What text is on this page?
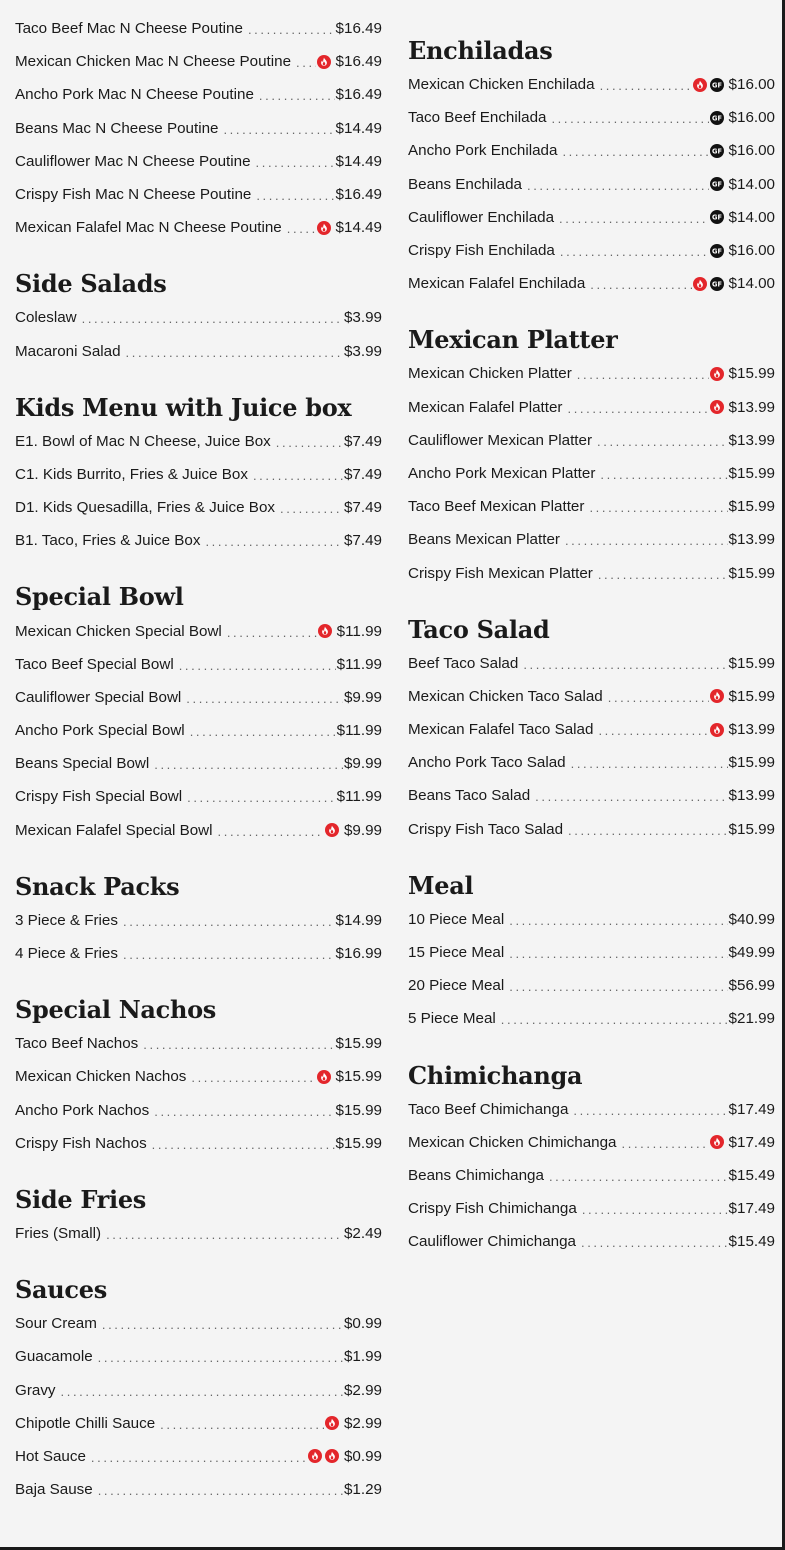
Taco Beef Mac N Cheese Poutine .....	$16.49
Mexican Chicken Mac N Cheese Poutine .....	$16.49
Ancho Pork Mac N Cheese Poutine .....	$16.49
Beans Mac N Cheese Poutine .....	$14.49
Cauliflower Mac N Cheese Poutine .....	$14.49
Crispy Fish Mac N Cheese Poutine .....	$16.49
Mexican Falafel Mac N Cheese Poutine .....	$14.49
Side Salads
Coleslaw .....	$3.99
Macaroni Salad .....	$3.99
Kids Menu with Juice box
E1. Bowl of Mac N Cheese, Juice Box .....	$7.49
C1. Kids Burrito, Fries & Juice Box .....	$7.49
D1. Kids Quesadilla, Fries & Juice Box .....	$7.49
B1. Taco, Fries & Juice Box .....	$7.49
Special Bowl
Mexican Chicken Special Bowl .....	$11.99
Taco Beef Special Bowl .....	$11.99
Cauliflower Special Bowl .....	$9.99
Ancho Pork Special Bowl .....	$11.99
Beans Special Bowl .....	$9.99
Crispy Fish Special Bowl .....	$11.99
Mexican Falafel Special Bowl .....	$9.99
Snack Packs
3 Piece & Fries .....	$14.99
4 Piece & Fries .....	$16.99
Special Nachos
Taco Beef Nachos .....	$15.99
Mexican Chicken Nachos .....	$15.99
Ancho Pork Nachos .....	$15.99
Crispy Fish Nachos .....	$15.99
Side Fries
Fries (Small) .....	$2.49
Sauces
Sour Cream .....	$0.99
Guacamole .....	$1.99
Gravy .....	$2.99
Chipotle Chilli Sauce .....	$2.99
Hot Sauce .....	$0.99
Baja Sause .....	$1.29
Enchiladas
Mexican Chicken Enchilada .....	GF $16.00
Taco Beef Enchilada .....	GF $16.00
Ancho Pork Enchilada .....	GF $16.00
Beans Enchilada .....	GF $14.00
Cauliflower Enchilada .....	GF $14.00
Crispy Fish Enchilada .....	GF $16.00
Mexican Falafel Enchilada .....	GF $14.00
Mexican Platter
Mexican Chicken Platter .....	$15.99
Mexican Falafel Platter .....	$13.99
Cauliflower Mexican Platter .....	$13.99
Ancho Pork Mexican Platter .....	$15.99
Taco Beef Mexican Platter .....	$15.99
Beans Mexican Platter .....	$13.99
Crispy Fish Mexican Platter .....	$15.99
Taco Salad
Beef Taco Salad .....	$15.99
Mexican Chicken Taco Salad .....	$15.99
Mexican Falafel Taco Salad .....	$13.99
Ancho Pork Taco Salad .....	$15.99
Beans Taco Salad .....	$13.99
Crispy Fish Taco Salad .....	$15.99
Meal
10 Piece Meal .....	$40.99
15 Piece Meal .....	$49.99
20 Piece Meal .....	$56.99
5 Piece Meal .....	$21.99
Chimichanga
Taco Beef Chimichanga .....	$17.49
Mexican Chicken Chimichanga .....	$17.49
Beans Chimichanga .....	$15.49
Crispy Fish Chimichanga .....	$17.49
Cauliflower Chimichanga .....	$15.49
